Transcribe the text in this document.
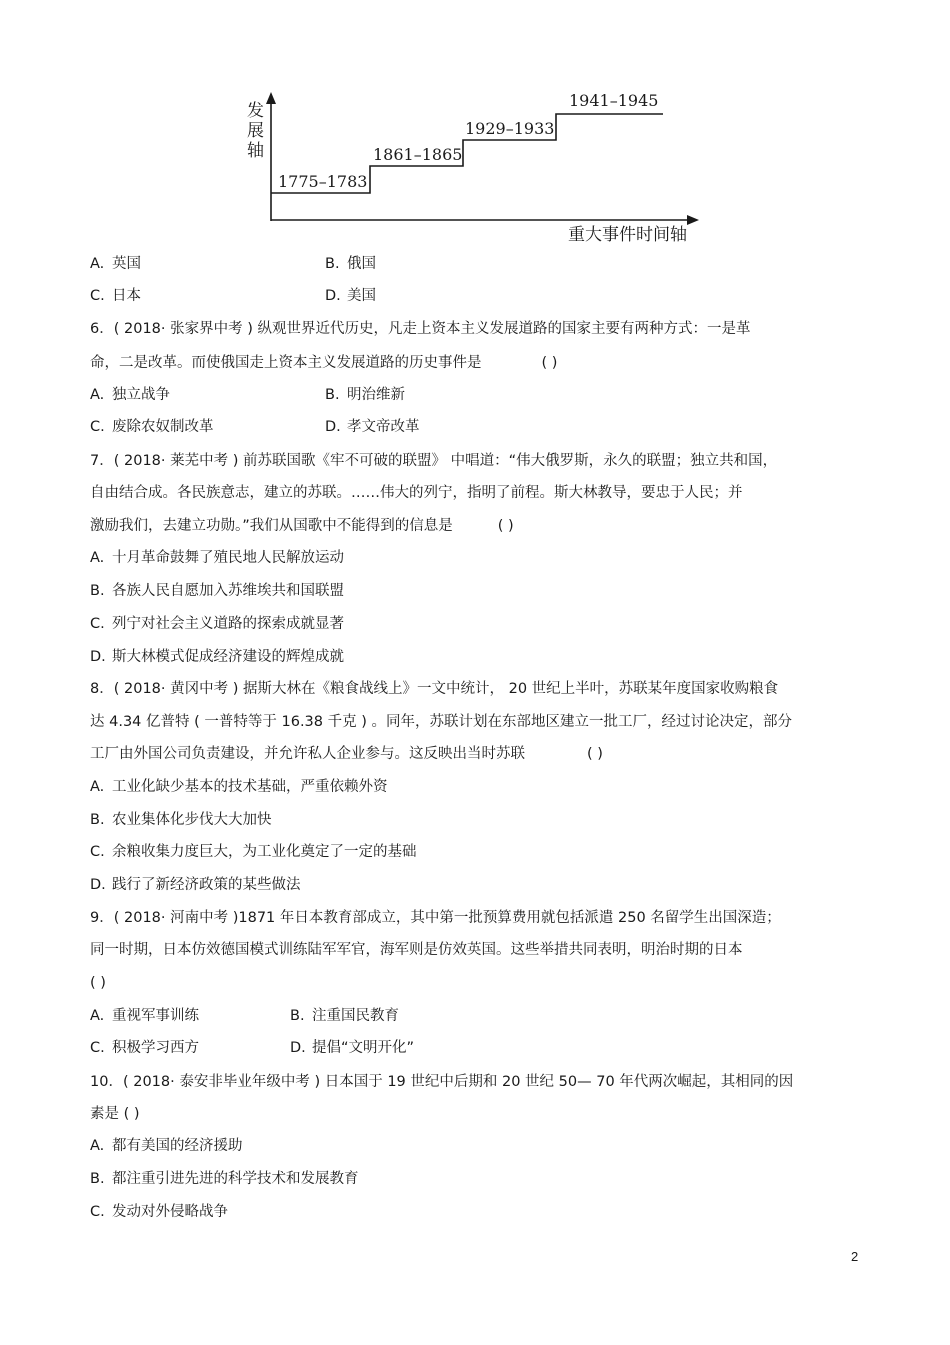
发
展
轴
1775–1783
1861–1865
1929–1933
1941–1945
重大事件时间轴
A. 英国	B. 俄国
C. 日本	D. 美国
6．( 2018· 张家界中考 ) 纵观世界近代历史，凡走上资本主义发展道路的国家主要有两种方式：一是革
命，二是改革。而使俄国走上资本主义发展道路的历史事件是	( )
A. 独立战争	B. 明治维新
C. 废除农奴制改革	D. 孝文帝改革
7．( 2018· 莱芜中考 ) 前苏联国歌《牢不可破的联盟》 中唱道：“伟大俄罗斯，永久的联盟；独立共和国，
自由结合成。各民族意志，建立的苏联。……伟大的列宁，指明了前程。斯大林教导，要忠于人民；并
激励我们，去建立功勋。”我们从国歌中不能得到的信息是	( )
A. 十月革命鼓舞了殖民地人民解放运动
B. 各族人民自愿加入苏维埃共和国联盟
C. 列宁对社会主义道路的探索成就显著
D. 斯大林模式促成经济建设的辉煌成就
8．( 2018· 黄冈中考 ) 据斯大林在《粮食战线上》一文中统计， 20 世纪上半叶，苏联某年度国家收购粮食
达 4.34 亿普特 ( 一普特等于 16.38 千克 ) 。同年，苏联计划在东部地区建立一批工厂，经过讨论决定，部分
工厂由外国公司负责建设，并允许私人企业参与。这反映出当时苏联	( )
A. 工业化缺少基本的技术基础，严重依赖外资
B. 农业集体化步伐大大加快
C. 余粮收集力度巨大，为工业化奠定了一定的基础
D. 践行了新经济政策的某些做法
9．( 2018· 河南中考 )1871 年日本教育部成立，其中第一批预算费用就包括派遣 250 名留学生出国深造；
同一时期，日本仿效德国模式训练陆军军官，海军则是仿效英国。这些举措共同表明，明治时期的日本
( )
A. 重视军事训练	B. 注重国民教育
C. 积极学习西方	D. 提倡“文明开化”
10．( 2018· 泰安非毕业年级中考 ) 日本国于 19 世纪中后期和 20 世纪 50— 70 年代两次崛起，其相同的因
素是 ( )
A. 都有美国的经济援助
B. 都注重引进先进的科学技术和发展教育
C. 发动对外侵略战争
2
